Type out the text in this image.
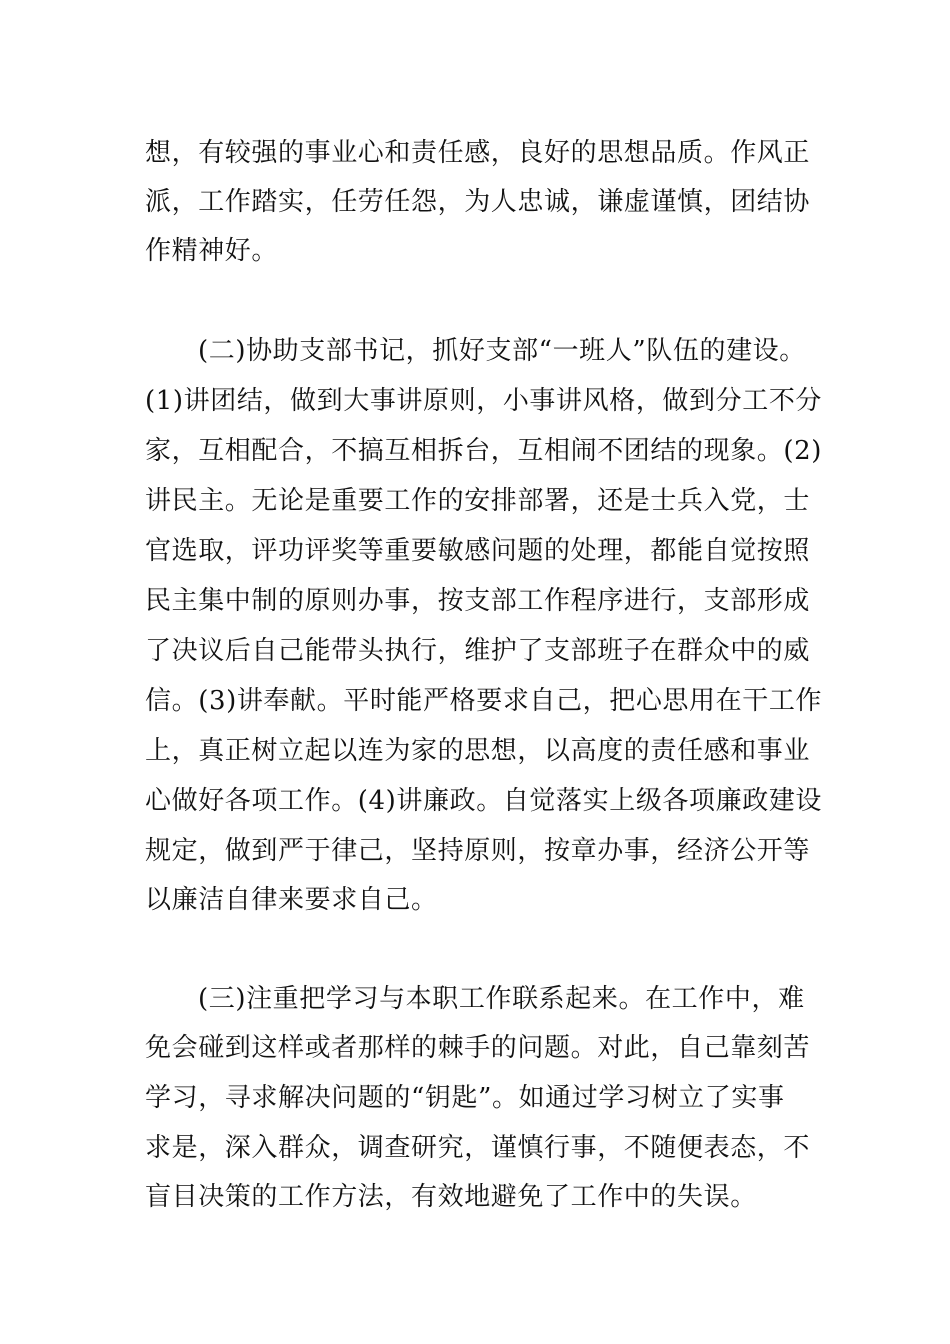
想，有较强的事业心和责任感，良好的思想品质。作风正
派，工作踏实，任劳任怨，为人忠诚，谦虚谨慎，团结协
作精神好。
(二)协助支部书记，抓好支部“一班人”队伍的建设。
(1)讲团结，做到大事讲原则，小事讲风格，做到分工不分
家，互相配合，不搞互相拆台，互相闹不团结的现象。(2)
讲民主。无论是重要工作的安排部署，还是士兵入党，士
官选取，评功评奖等重要敏感问题的处理，都能自觉按照
民主集中制的原则办事，按支部工作程序进行，支部形成
了决议后自己能带头执行，维护了支部班子在群众中的威
信。(3)讲奉献。平时能严格要求自己，把心思用在干工作
上，真正树立起以连为家的思想，以高度的责任感和事业
心做好各项工作。(4)讲廉政。自觉落实上级各项廉政建设
规定，做到严于律己，坚持原则，按章办事，经济公开等
以廉洁自律来要求自己。
(三)注重把学习与本职工作联系起来。在工作中，难
免会碰到这样或者那样的棘手的问题。对此，自己靠刻苦
学习，寻求解决问题的“钥匙”。如通过学习树立了实事
求是，深入群众，调查研究，谨慎行事，不随便表态，不
盲目决策的工作方法，有效地避免了工作中的失误。
